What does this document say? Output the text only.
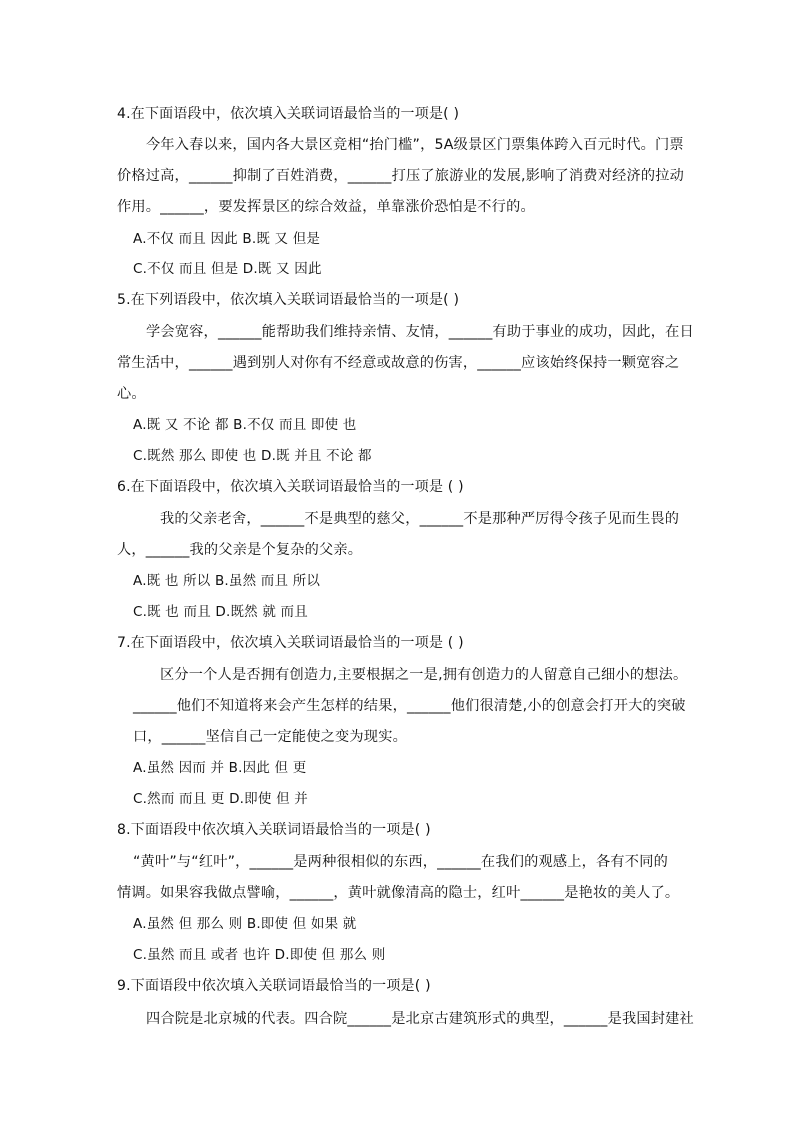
4.在下面语段中，依次填入关联词语最恰当的一项是( )
今年入春以来，国内各大景区竞相“抬门槛”，5A级景区门票集体跨入百元时代。门票
价格过高，______抑制了百姓消费，______打压了旅游业的发展,影响了消费对经济的拉动
作用。______，要发挥景区的综合效益，单靠涨价恐怕是不行的。
A.不仅 而且 因此 B.既 又 但是
C.不仅 而且 但是 D.既 又 因此
5.在下列语段中，依次填入关联词语最恰当的一项是( )
学会宽容，______能帮助我们维持亲情、友情，______有助于事业的成功，因此，在日
常生活中，______遇到别人对你有不经意或故意的伤害，______应该始终保持一颗宽容之
心。
A.既 又 不论 都 B.不仅 而且 即使 也
C.既然 那么 即使 也 D.既 并且 不论 都
6.在下面语段中，依次填入关联词语最恰当的一项是 ( )
我的父亲老舍，______不是典型的慈父，______不是那种严厉得令孩子见而生畏的
人，______我的父亲是个复杂的父亲。
A.既 也 所以 B.虽然 而且 所以
C.既 也 而且 D.既然 就 而且
7.在下面语段中，依次填入关联词语最恰当的一项是 ( )
区分一个人是否拥有创造力,主要根据之一是,拥有创造力的人留意自己细小的想法。
______他们不知道将来会产生怎样的结果，______他们很清楚,小的创意会打开大的突破
口，______坚信自己一定能使之变为现实。
A.虽然 因而 并 B.因此 但 更
C.然而 而且 更 D.即使 但 并
8.下面语段中依次填入关联词语最恰当的一项是( )
“黄叶”与“红叶”，______是两种很相似的东西，______在我们的观感上，各有不同的
情调。如果容我做点譬喻，______，黄叶就像清高的隐士，红叶______是艳妆的美人了。
A.虽然 但 那么 则 B.即使 但 如果 就
C.虽然 而且 或者 也许 D.即使 但 那么 则
9.下面语段中依次填入关联词语最恰当的一项是( )
四合院是北京城的代表。四合院______是北京古建筑形式的典型，______是我国封建社
